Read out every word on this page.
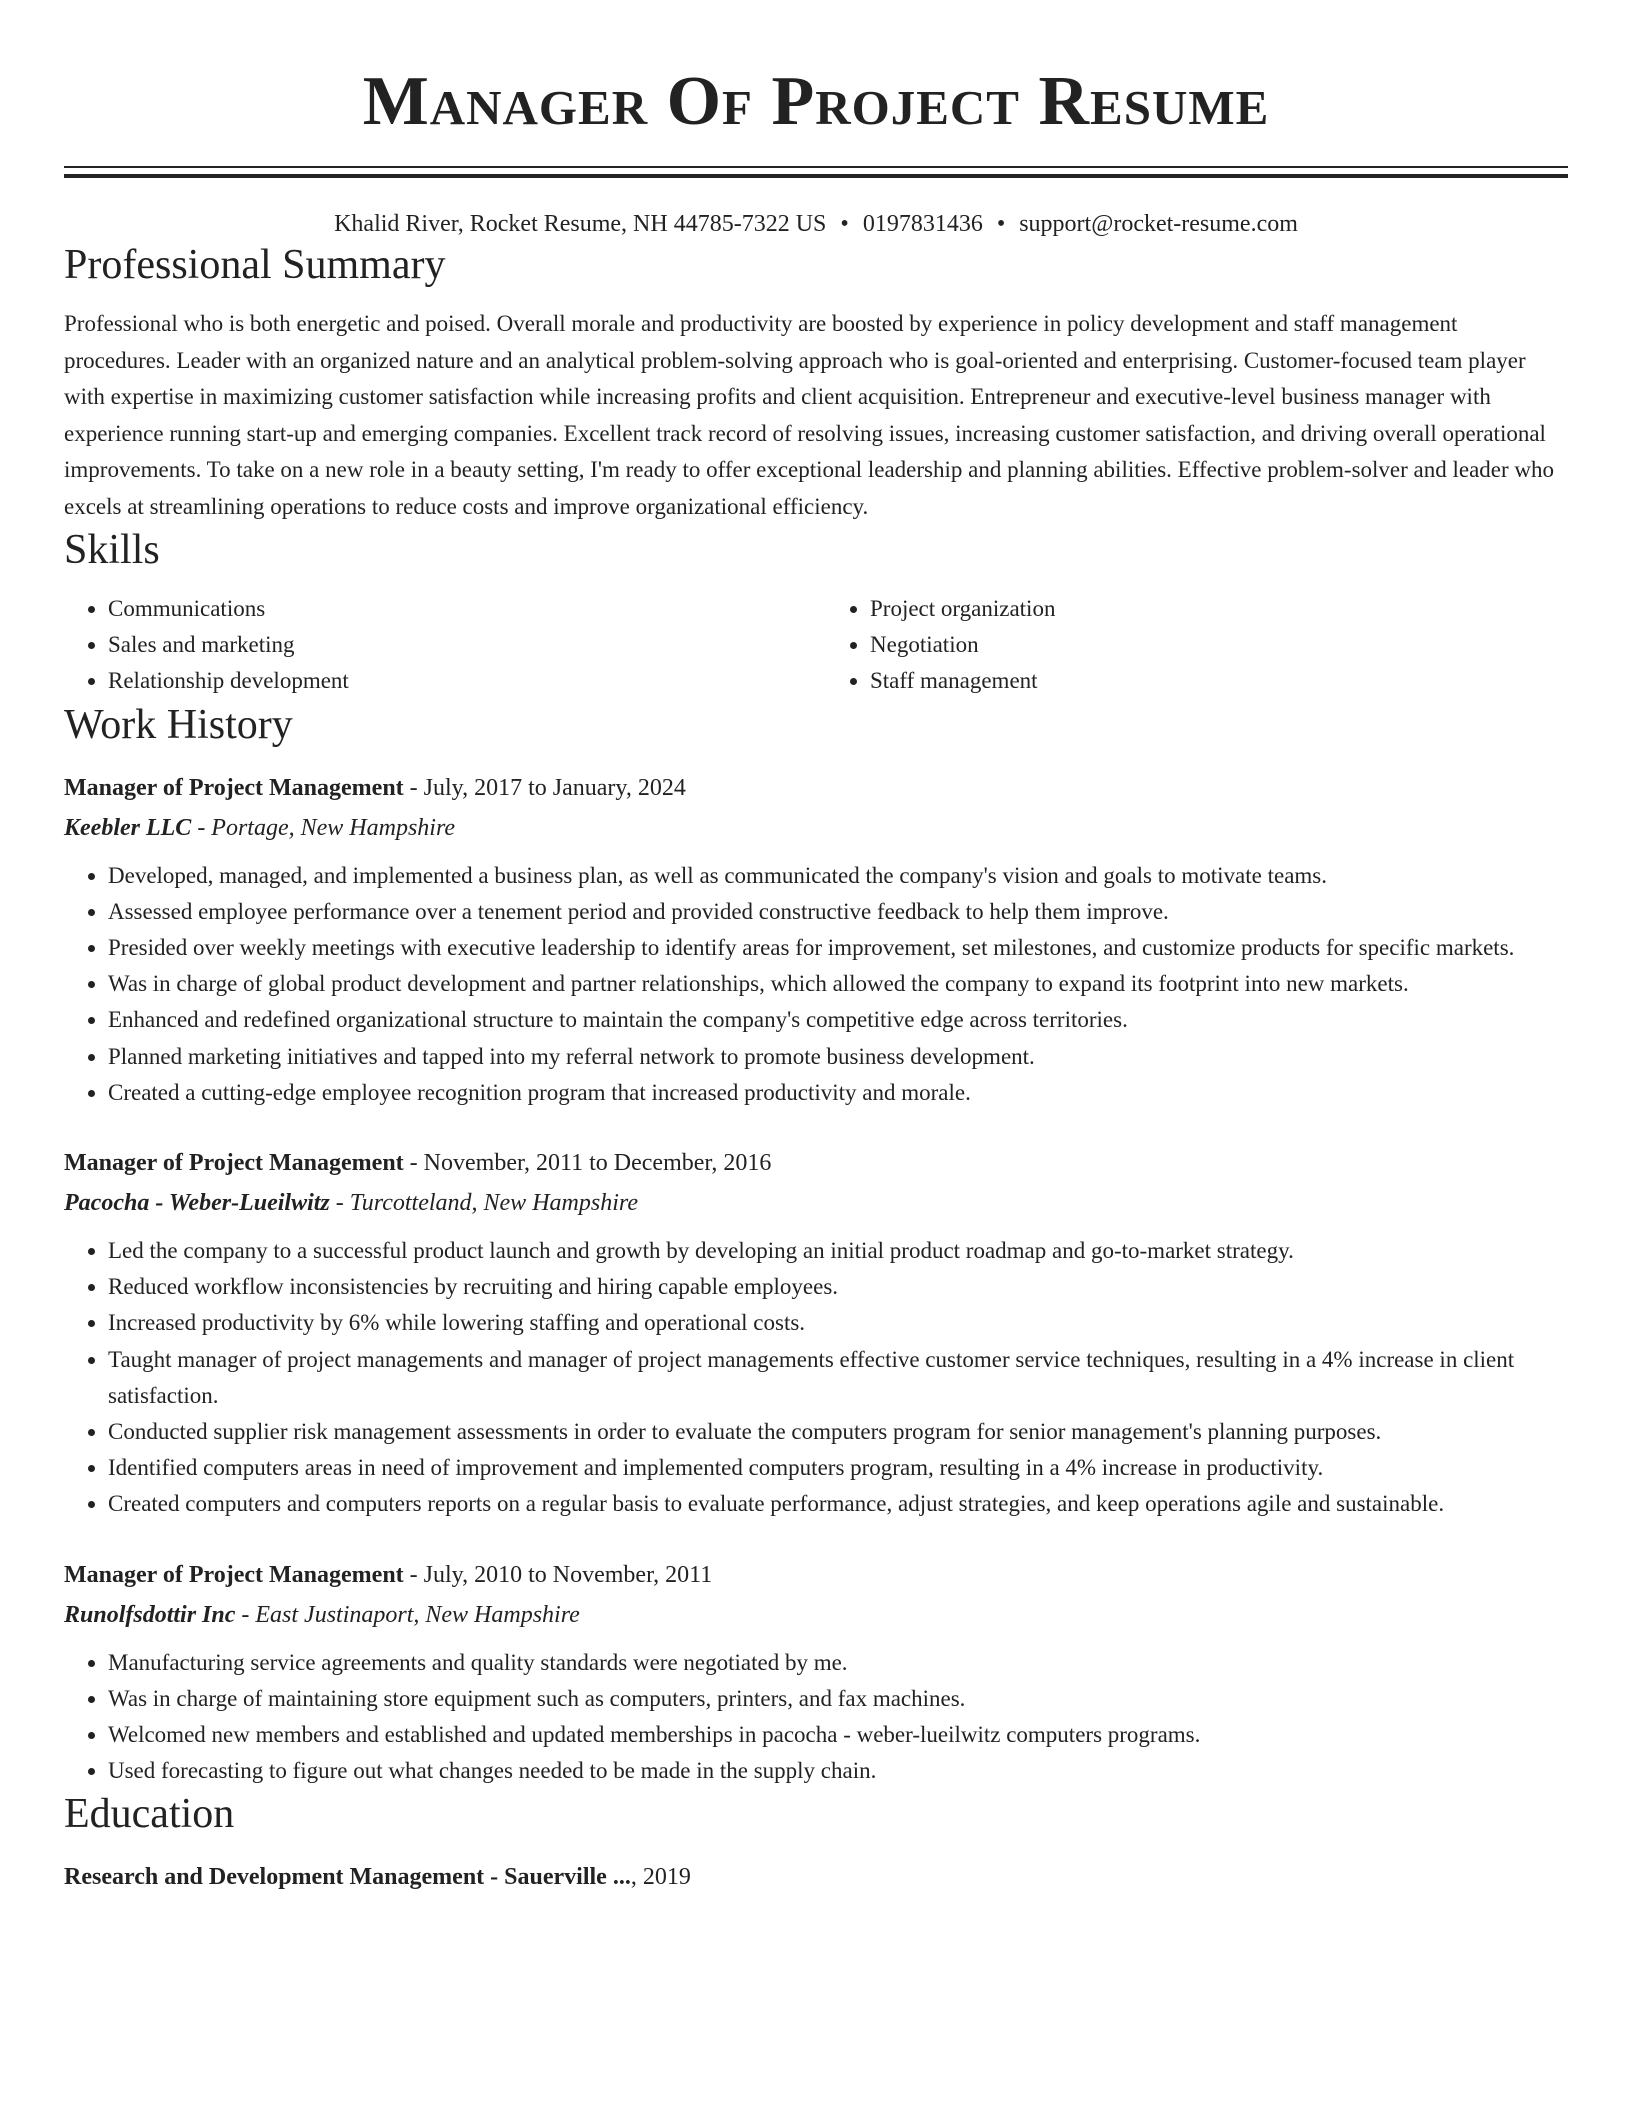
Manager Of Project Resume
Khalid River, Rocket Resume, NH 44785-7322 US • 0197831436 • support@rocket-resume.com
Professional Summary
Professional who is both energetic and poised. Overall morale and productivity are boosted by experience in policy development and staff management procedures. Leader with an organized nature and an analytical problem-solving approach who is goal-oriented and enterprising. Customer-focused team player with expertise in maximizing customer satisfaction while increasing profits and client acquisition. Entrepreneur and executive-level business manager with experience running start-up and emerging companies. Excellent track record of resolving issues, increasing customer satisfaction, and driving overall operational improvements. To take on a new role in a beauty setting, I'm ready to offer exceptional leadership and planning abilities. Effective problem-solver and leader who excels at streamlining operations to reduce costs and improve organizational efficiency.
Skills
• Communications
• Sales and marketing
• Relationship development
• Project organization
• Negotiation
• Staff management
Work History
Manager of Project Management - July, 2017 to January, 2024
Keebler LLC - Portage, New Hampshire
• Developed, managed, and implemented a business plan, as well as communicated the company's vision and goals to motivate teams.
• Assessed employee performance over a tenement period and provided constructive feedback to help them improve.
• Presided over weekly meetings with executive leadership to identify areas for improvement, set milestones, and customize products for specific markets.
• Was in charge of global product development and partner relationships, which allowed the company to expand its footprint into new markets.
• Enhanced and redefined organizational structure to maintain the company's competitive edge across territories.
• Planned marketing initiatives and tapped into my referral network to promote business development.
• Created a cutting-edge employee recognition program that increased productivity and morale.
Manager of Project Management - November, 2011 to December, 2016
Pacocha - Weber-Lueilwitz - Turcotteland, New Hampshire
• Led the company to a successful product launch and growth by developing an initial product roadmap and go-to-market strategy.
• Reduced workflow inconsistencies by recruiting and hiring capable employees.
• Increased productivity by 6% while lowering staffing and operational costs.
• Taught manager of project managements and manager of project managements effective customer service techniques, resulting in a 4% increase in client satisfaction.
• Conducted supplier risk management assessments in order to evaluate the computers program for senior management's planning purposes.
• Identified computers areas in need of improvement and implemented computers program, resulting in a 4% increase in productivity.
• Created computers and computers reports on a regular basis to evaluate performance, adjust strategies, and keep operations agile and sustainable.
Manager of Project Management - July, 2010 to November, 2011
Runolfsdottir Inc - East Justinaport, New Hampshire
• Manufacturing service agreements and quality standards were negotiated by me.
• Was in charge of maintaining store equipment such as computers, printers, and fax machines.
• Welcomed new members and established and updated memberships in pacocha - weber-lueilwitz computers programs.
• Used forecasting to figure out what changes needed to be made in the supply chain.
Education
Research and Development Management - Sauerville ..., 2019
